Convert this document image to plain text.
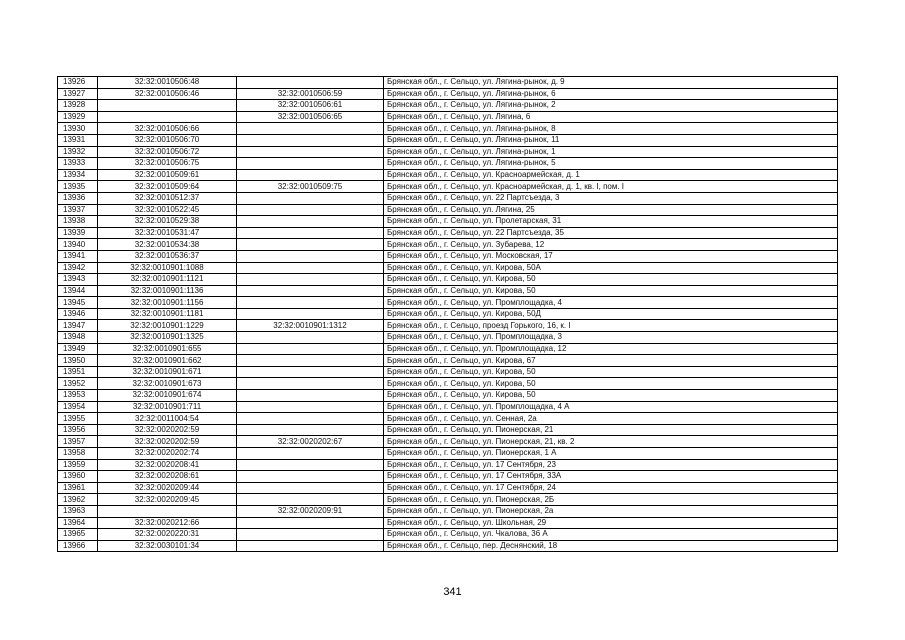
13926	32:32:0010506:48		Брянская обл., г. Сельцо, ул. Лягина-рынок, д. 9
13927	32:32:0010506:46	32:32:0010506:59	Брянская обл., г. Сельцо, ул. Лягина-рынок, 6
13928		32:32:0010506:61	Брянская обл., г. Сельцо, ул. Лягина-рынок, 2
13929		32:32:0010506:65	Брянская обл., г. Сельцо, ул. Лягина, 6
13930	32:32:0010506:66		Брянская обл., г. Сельцо, ул. Лягина-рынок, 8
13931	32:32:0010506:70		Брянская обл., г. Сельцо, ул. Лягина-рынок, 11
13932	32:32:0010506:72		Брянская обл., г. Сельцо, ул. Лягина-рынок, 1
13933	32:32:0010506:75		Брянская обл., г. Сельцо, ул. Лягина-рынок, 5
13934	32:32:0010509:61		Брянская обл., г. Сельцо, ул. Красноармейская, д. 1
13935	32:32:0010509:64	32:32:0010509:75	Брянская обл., г. Сельцо, ул. Красноармейская, д. 1, кв. I, пом. I
13936	32:32:0010512:37		Брянская обл., г. Сельцо, ул. 22 Партсъезда, 3
13937	32:32:0010522:45		Брянская обл., г. Сельцо, ул. Лягина, 25
13938	32:32:0010529:38		Брянская обл., г. Сельцо, ул. Пролетарская, 31
13939	32:32:0010531:47		Брянская обл., г. Сельцо, ул. 22 Партсъезда, 35
13940	32:32:0010534:38		Брянская обл., г. Сельцо, ул. Зубарева, 12
13941	32:32:0010536:37		Брянская обл., г. Сельцо, ул. Московская, 17
13942	32:32:0010901:1088		Брянская обл., г. Сельцо, ул. Кирова, 50А
13943	32:32:0010901:1121		Брянская обл., г. Сельцо, ул. Кирова, 50
13944	32:32:0010901:1136		Брянская обл., г. Сельцо, ул. Кирова, 50
13945	32:32:0010901:1156		Брянская обл., г. Сельцо, ул. Промплощадка, 4
13946	32:32:0010901:1181		Брянская обл., г. Сельцо, ул. Кирова, 50Д
13947	32:32:0010901:1229	32:32:0010901:1312	Брянская обл., г. Сельцо, проезд Горького, 16, к. I
13948	32:32:0010901:1325		Брянская обл., г. Сельцо, ул. Промплощадка, 3
13949	32:32:0010901:655		Брянская обл., г. Сельцо, ул. Промплощадка, 12
13950	32:32:0010901:662		Брянская обл., г. Сельцо, ул. Кирова, 67
13951	32:32:0010901:671		Брянская обл., г. Сельцо, ул. Кирова, 50
13952	32:32:0010901:673		Брянская обл., г. Сельцо, ул. Кирова, 50
13953	32:32:0010901:674		Брянская обл., г. Сельцо, ул. Кирова, 50
13954	32:32:0010901:711		Брянская обл., г. Сельцо, ул. Промплощадка, 4 А
13955	32:32:0011004:54		Брянская обл., г. Сельцо, ул. Сенная, 2а
13956	32:32:0020202:59		Брянская обл., г. Сельцо, ул. Пионерская, 21
13957	32:32:0020202:59	32:32:0020202:67	Брянская обл., г. Сельцо, ул. Пионерская, 21, кв. 2
13958	32:32:0020202:74		Брянская обл., г. Сельцо, ул. Пионерская, 1 А
13959	32:32:0020208:41		Брянская обл., г. Сельцо, ул. 17 Сентября, 23
13960	32:32:0020208:61		Брянская обл., г. Сельцо, ул. 17 Сентября, 33А
13961	32:32:0020209:44		Брянская обл., г. Сельцо, ул. 17 Сентября, 24
13962	32:32:0020209:45		Брянская обл., г. Сельцо, ул. Пионерская, 2Б
13963		32:32:0020209:91	Брянская обл., г. Сельцо, ул. Пионерская, 2а
13964	32:32:0020212:66		Брянская обл., г. Сельцо, ул. Школьная, 29
13965	32:32:0020220:31		Брянская обл., г. Сельцо, ул. Чкалова, 36 А
13966	32:32:0030101:34		Брянская обл., г. Сельцо, пер. Деснянский, 18
341
